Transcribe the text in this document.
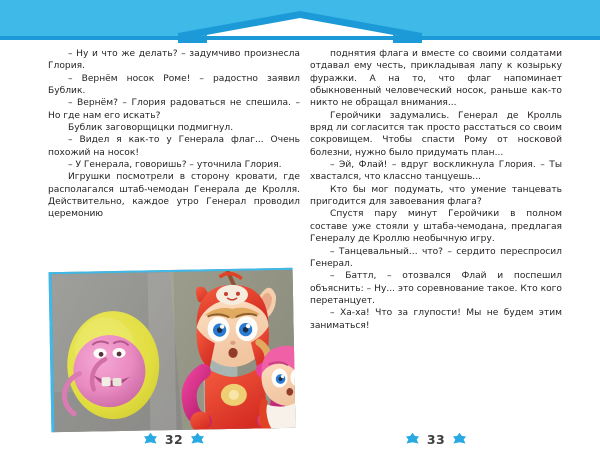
– Ну и что же делать? – задумчиво произнесла Глория.

– Вернём носок Роме! – радостно заявил Бублик.

– Вернём? – Глория радоваться не спешила. – Но где нам его искать?

Бублик заговорщицки подмигнул.

– Видел я как-то у Генерала флаг... Очень похожий на носок!

– У Генерала, говоришь? – уточнила Глория.

Игрушки посмотрели в сторону кровати, где располагался штаб-чемодан Генерала де Кролля. Действительно, каждое утро Генерал проводил церемонию

поднятия флага и вместе со своими солдатами отдавал ему честь, прикладывая лапу к козырьку фуражки. А на то, что флаг напоминает обыкновенный человеческий носок, раньше как-то никто не обращал внимания...

Геройчики задумались. Генерал де Кролль вряд ли согласится так просто расстаться со своим сокровищем. Чтобы спасти Рому от носковой болезни, нужно было придумать план...

– Эй, Флай! – вдруг воскликнула Глория. – Ты хвастался, что классно танцуешь...

Кто бы мог подумать, что умение танцевать пригодится для завоевания флага?

Спустя пару минут Геройчики в полном составе уже стояли у штаба-чемодана, предлагая Генералу де Кроллю необычную игру.

– Танцевальный... что? – сердито переспросил Генерал.

– Баттл, – отозвался Флай и поспешил объяснить: – Ну... это соревнование такое. Кто кого перетанцует.

– Ха-ха! Что за глупости! Мы не будем этим заниматься!

32	33
